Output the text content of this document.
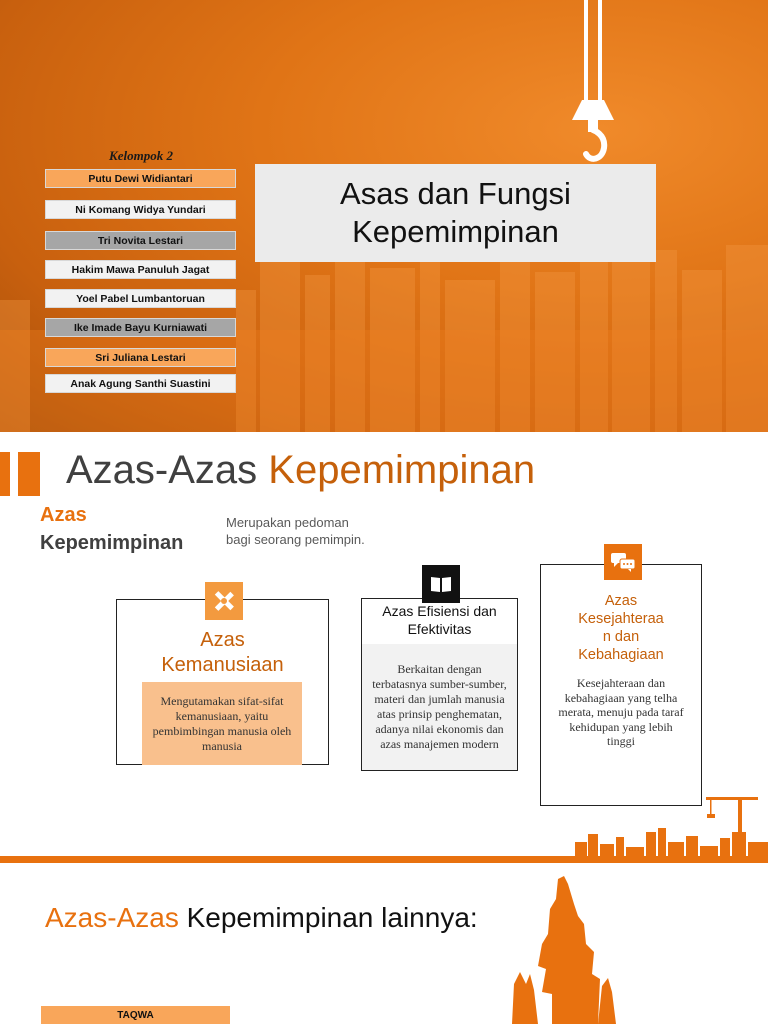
Kelompok 2
Putu Dewi Widiantari
Ni Komang Widya Yundari
Tri Novita Lestari
Hakim Mawa Panuluh Jagat
Yoel Pabel Lumbantoruan
Ike Imade Bayu Kurniawati
Sri Juliana Lestari
Anak Agung Santhi Suastini
Asas dan Fungsi
Kepemimpinan
Azas-Azas Kepemimpinan
Azas
Kepemimpinan
Merupakan pedoman
bagi seorang pemimpin.
Azas
Kemanusiaan
Mengutamakan sifat-sifat kemanusiaan, yaitu pembimbingan manusia oleh manusia
Azas Efisiensi dan Efektivitas
Berkaitan dengan terbatasnya sumber-sumber, materi dan jumlah manusia atas prinsip penghematan, adanya nilai ekonomis dan azas manajemen modern
Azas
Kesejahteraa
n dan
Kebahagiaan
Kesejahteraan dan kebahagiaan yang telha merata, menuju pada taraf kehidupan yang lebih tinggi
Azas-Azas Kepemimpinan lainnya:
TAQWA
